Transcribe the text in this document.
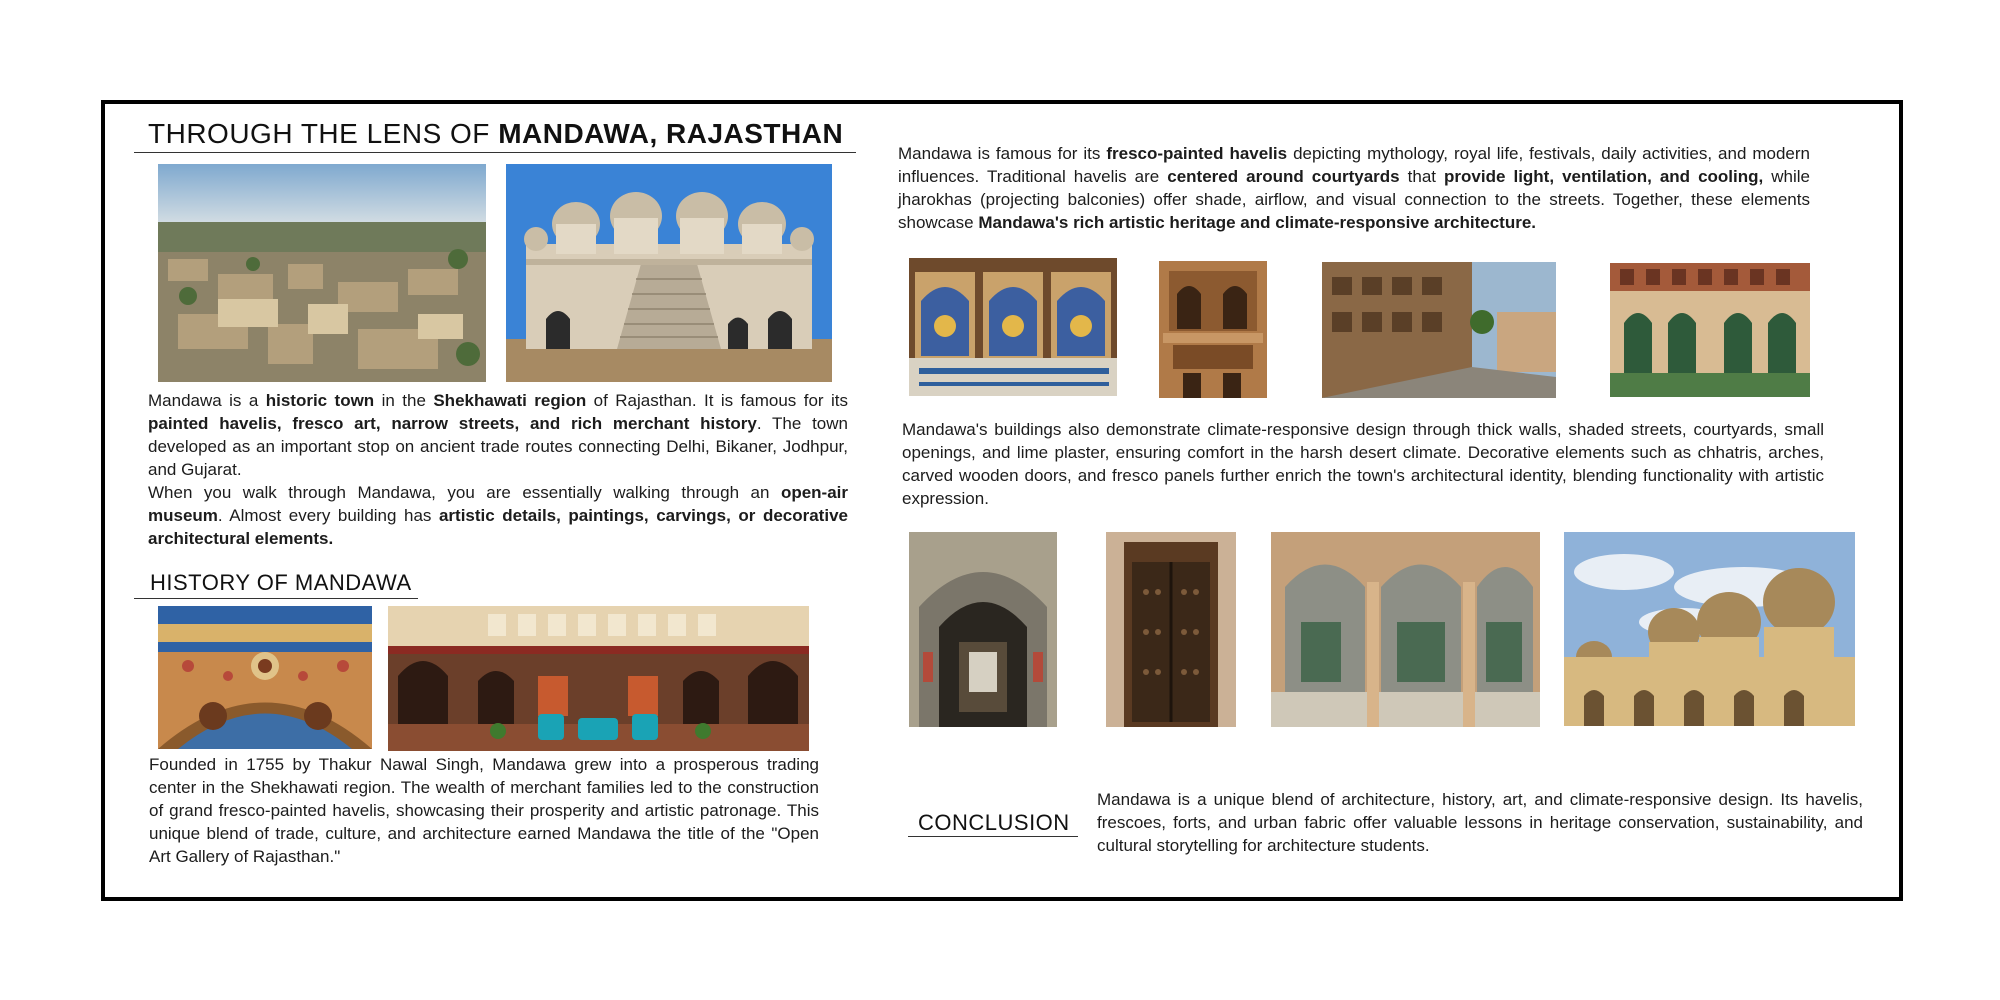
THROUGH THE LENS OF MANDAWA, RAJASTHAN
Mandawa is a historic town in the Shekhawati region of Rajasthan. It is famous for its painted havelis, fresco art, narrow streets, and rich merchant history. The town developed as an important stop on ancient trade routes connecting Delhi, Bikaner, Jodhpur, and Gujarat.
When you walk through Mandawa, you are essentially walking through an open-air museum. Almost every building has artistic details, paintings, carvings, or decorative architectural elements.
HISTORY OF MANDAWA
Founded in 1755 by Thakur Nawal Singh, Mandawa grew into a prosperous trading center in the Shekhawati region. The wealth of merchant families led to the construction of grand fresco-painted havelis, showcasing their prosperity and artistic patronage. This unique blend of trade, culture, and architecture earned Mandawa the title of the "Open Art Gallery of Rajasthan."
Mandawa is famous for its fresco-painted havelis depicting mythology, royal life, festivals, daily activities, and modern influences. Traditional havelis are centered around courtyards that provide light, ventilation, and cooling, while jharokhas (projecting balconies) offer shade, airflow, and visual connection to the streets. Together, these elements showcase Mandawa's rich artistic heritage and climate-responsive architecture.
Mandawa's buildings also demonstrate climate-responsive design through thick walls, shaded streets, courtyards, small openings, and lime plaster, ensuring comfort in the harsh desert climate. Decorative elements such as chhatris, arches, carved wooden doors, and fresco panels further enrich the town's architectural identity, blending functionality with artistic expression.
CONCLUSION
Mandawa is a unique blend of architecture, history, art, and climate-responsive design. Its havelis, frescoes, forts, and urban fabric offer valuable lessons in heritage conservation, sustainability, and cultural storytelling for architecture students.
